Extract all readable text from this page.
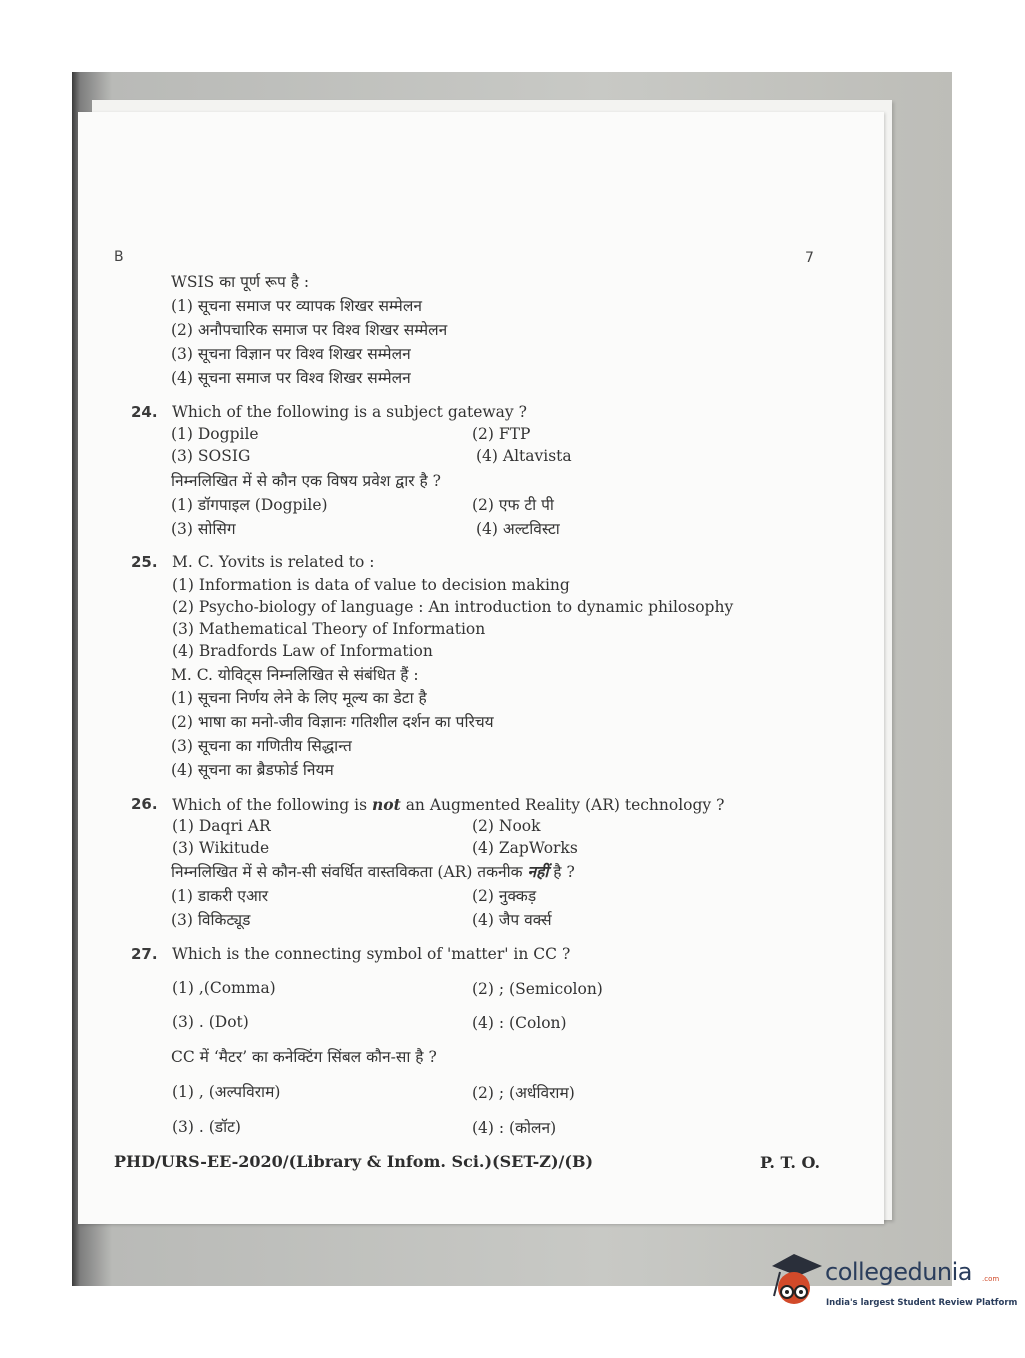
B	7
WSIS का पूर्ण रूप है :
(1) सूचना समाज पर व्यापक शिखर सम्मेलन
(2) अनौपचारिक समाज पर विश्व शिखर सम्मेलन
(3) सूचना विज्ञान पर विश्व शिखर सम्मेलन
(4) सूचना समाज पर विश्व शिखर सम्मेलन
24. Which of the following is a subject gateway ?
(1) Dogpile	(2) FTP
(3) SOSIG	(4) Altavista
निम्नलिखित में से कौन एक विषय प्रवेश द्वार है ?
(1) डॉगपाइल (Dogpile)	(2) एफ टी पी
(3) सोसिग	(4) अल्टविस्टा
25. M. C. Yovits is related to :
(1) Information is data of value to decision making
(2) Psycho-biology of language : An introduction to dynamic philosophy
(3) Mathematical Theory of Information
(4) Bradfords Law of Information
M. C. योविट्स निम्नलिखित से संबंधित हैं :
(1) सूचना निर्णय लेने के लिए मूल्य का डेटा है
(2) भाषा का मनो-जीव विज्ञानः गतिशील दर्शन का परिचय
(3) सूचना का गणितीय सिद्धान्त
(4) सूचना का ब्रैडफोर्ड नियम
26. Which of the following is not an Augmented Reality (AR) technology ?
(1) Daqri AR	(2) Nook
(3) Wikitude	(4) ZapWorks
निम्नलिखित में से कौन-सी संवर्धित वास्तविकता (AR) तकनीक नहीं है ?
(1) डाकरी एआर	(2) नुक्कड़
(3) विकिट्यूड	(4) जैप वर्क्स
27. Which is the connecting symbol of 'matter' in CC ?
(1) ,(Comma)	(2) ; (Semicolon)
(3) . (Dot)	(4) : (Colon)
CC में ‘मैटर’ का कनेक्टिंग सिंबल कौन-सा है ?
(1) , (अल्पविराम)	(2) ; (अर्धविराम)
(3) . (डॉट)	(4) : (कोलन)
PHD/URS-EE-2020/(Library & Infom. Sci.)(SET-Z)/(B)	P. T. O.
collegedunia .com
India's largest Student Review Platform
